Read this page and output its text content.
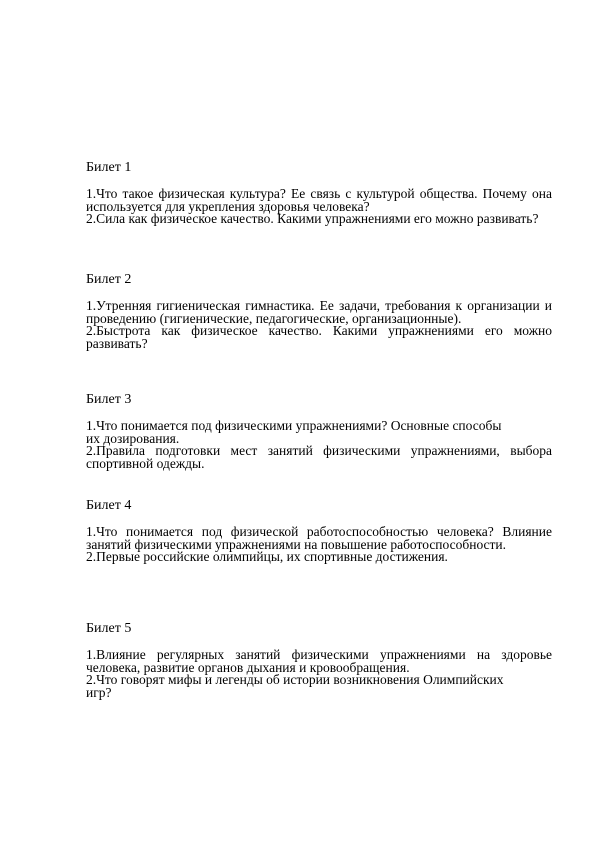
Билет 1

1.Что такое физическая культура? Ее связь с культурой общества. Почему она используется для укрепления здоровья человека?

2.Сила как физическое качество. Какими упражнениями его можно развивать?

Билет 2

1.Утренняя гигиеническая гимнастика. Ее задачи, требования к организации и проведению (гигиенические, педагогические, организационные).

2.Быстрота как физическое качество. Какими упражнениями его можно развивать?

Билет 3

1.Что понимается под физическими упражнениями? Основные способы их дозирования.

2.Правила подготовки мест занятий физическими упражнениями, выбора спортивной одежды.

Билет 4

1.Что понимается под физической работоспособностью человека? Влияние занятий физическими упражнениями на повышение работоспособности.

2.Первые российские олимпийцы, их спортивные достижения.

Билет 5

1.Влияние регулярных занятий физическими упражнениями на здоровье человека, развитие органов дыхания и кровообращения.

2.Что говорят мифы и легенды об истории возникновения Олимпийских игр?
